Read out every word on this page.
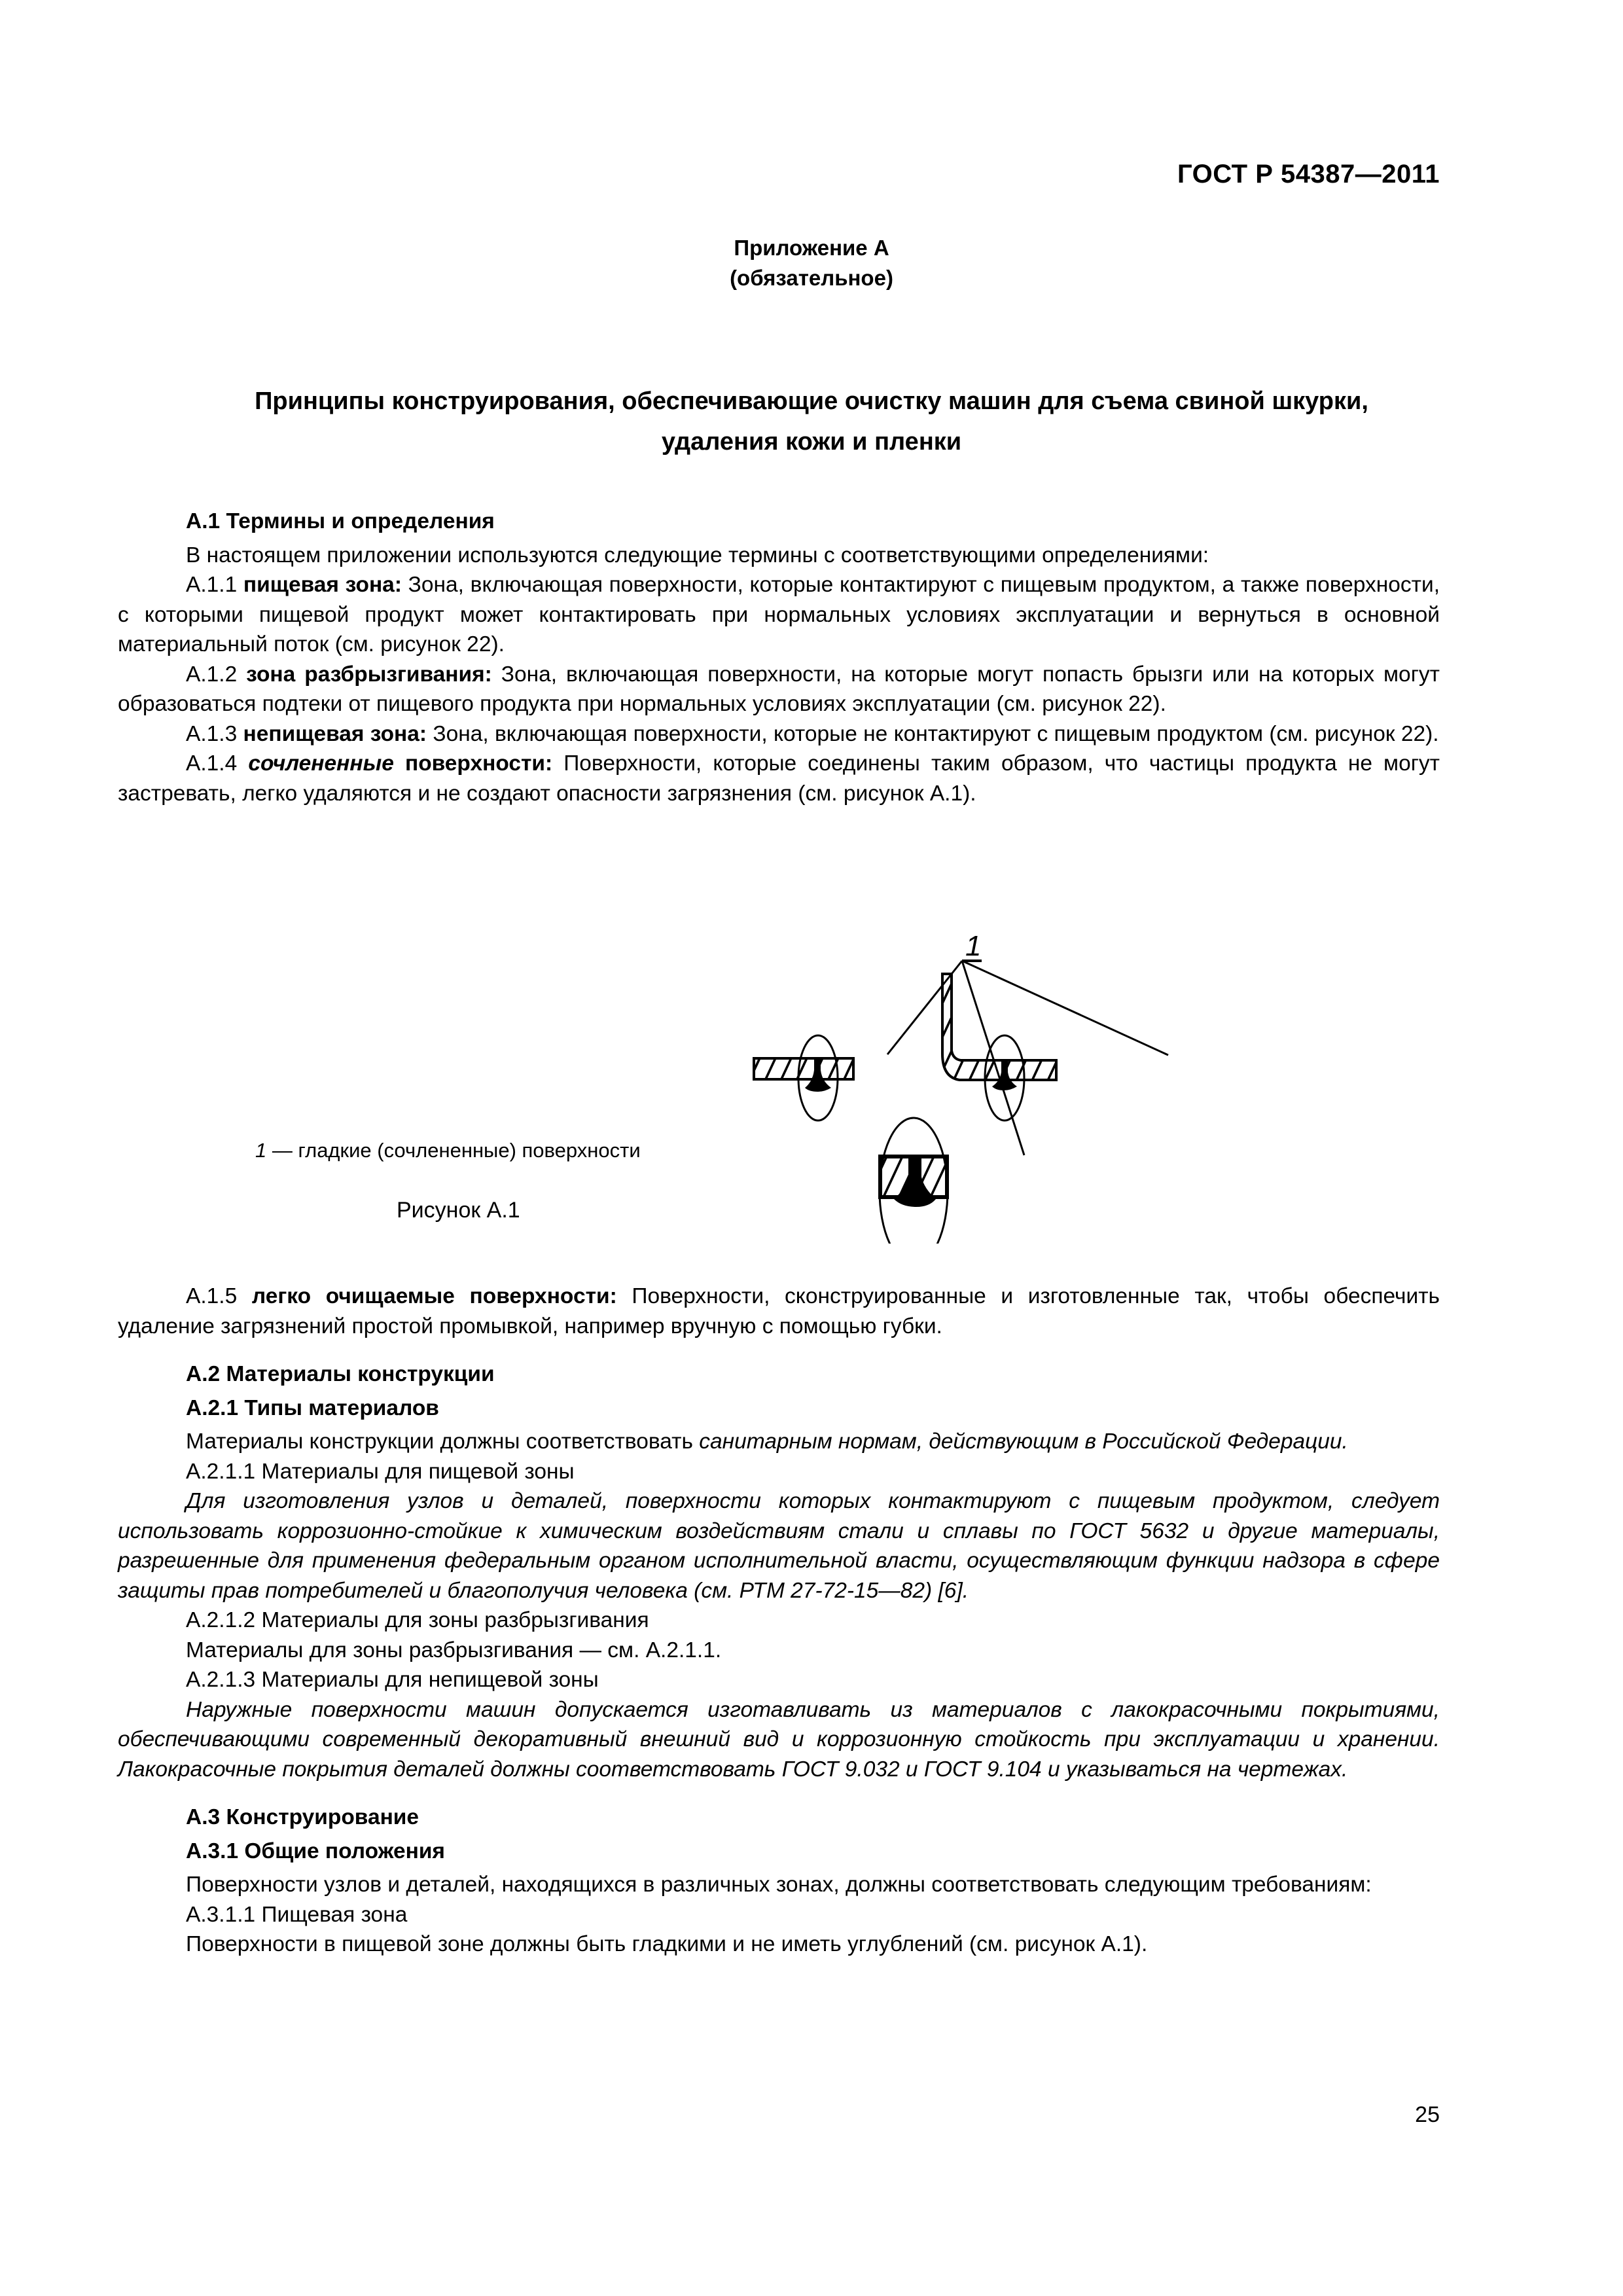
ГОСТ Р 54387—2011
Приложение А
(обязательное)
Принципы конструирования, обеспечивающие очистку машин для съема свиной шкурки,
удаления кожи и пленки

А.1 Термины и определения

В настоящем приложении используются следующие термины с соответствующими определениями:

А.1.1 пищевая зона: Зона, включающая поверхности, которые контактируют с пищевым продуктом, а также поверхности, с которыми пищевой продукт может контактировать при нормальных условиях эксплуатации и вернуться в основной материальный поток (см. рисунок 22).

А.1.2 зона разбрызгивания: Зона, включающая поверхности, на которые могут попасть брызги или на которых могут образоваться подтеки от пищевого продукта при нормальных условиях эксплуатации (см. рисунок 22).

А.1.3 непищевая зона: Зона, включающая поверхности, которые не контактируют с пищевым продуктом (см. рисунок 22).

А.1.4 сочлененные поверхности: Поверхности, которые соединены таким образом, что частицы продукта не могут застревать, легко удаляются и не создают опасности загрязнения (см. рисунок А.1).

1
1 — гладкие (сочлененные) поверхности
Рисунок А.1

А.1.5 легко очищаемые поверхности: Поверхности, сконструированные и изготовленные так, чтобы обеспечить удаление загрязнений простой промывкой, например вручную с помощью губки.

А.2 Материалы конструкции

А.2.1 Типы материалов

Материалы конструкции должны соответствовать санитарным нормам, действующим в Российской Федерации.

А.2.1.1 Материалы для пищевой зоны

Для изготовления узлов и деталей, поверхности которых контактируют с пищевым продуктом, следует использовать коррозионно-стойкие к химическим воздействиям стали и сплавы по ГОСТ 5632 и другие материалы, разрешенные для применения федеральным органом исполнительной власти, осуществляющим функции надзора в сфере защиты прав потребителей и благополучия человека (см. РТМ 27-72-15—82) [6].

А.2.1.2 Материалы для зоны разбрызгивания

Материалы для зоны разбрызгивания — см. А.2.1.1.

А.2.1.3 Материалы для непищевой зоны

Наружные поверхности машин допускается изготавливать из материалов с лакокрасочными покрытиями, обеспечивающими современный декоративный внешний вид и коррозионную стойкость при эксплуатации и хранении. Лакокрасочные покрытия деталей должны соответствовать ГОСТ 9.032 и ГОСТ 9.104 и указываться на чертежах.

А.3 Конструирование

А.3.1 Общие положения

Поверхности узлов и деталей, находящихся в различных зонах, должны соответствовать следующим требованиям:

А.3.1.1 Пищевая зона

Поверхности в пищевой зоне должны быть гладкими и не иметь углублений (см. рисунок А.1).

25
